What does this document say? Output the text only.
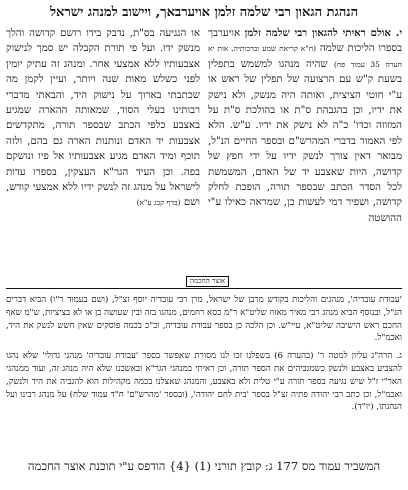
הנהגת הגאון רבי שלמה זלמן אויערבאך, ויישוב למנהג ישראל

י. אולם ראיתי להגאון רבי שלמה זלמן אויערבך בספרו הליכות שלמה (ח"א קריאת שמע וברכותיה, אות יא הערה 35 עמוד פח) שהיה מנהגו למשמש בתפלין בשעת ק"ש עם הרצועה של תפלין של ראש או ע"י חוטי הציצית, ואותה היה מנשק, ולא נישק את ידיו, וכן בהגבהת ס"ת או בהולכת ס"ת על המזוזה וכדו' כ"ה לא נישק את ידיו. ע"ש. הלא לפי האמור בדברי המהרש"ם ובספר החיים הנ"ל, מבואר דאין צורך לנשק ידיו על ידי חפץ של קדושה, היות שאצבע יד של האדם, המשמשת לכל הסדר הכתב שבספר תורה, הופכת לחלק קדושה, ושפיר דמי לעשות כן, שמראה כאילו ע"י ההושטה

או הנגיעה בס"ת, נדבק בידו רושם קדושה והלך מנשק ידו. ועל פי תורת הקבלה יש סמך לנישוק אצבעותיו ללא אמצעי אחר. ומנהג זה עתיק יומין לפני כשלש מאות שנה ויותר, ועיין לקמן מה שכתבתי בארוך על נישוק היד, והבאתי מדברי רבותינו בעלי הסוד, שמאותה ההארה שמגיע באצבע כלפי הכתב שבספר תורה, מתקדשים אצבעות יד האדם ונותנות הארה גם בהם, ולזה תוכף ומיד האדם מגיע אצבעותיו אל פיו ונושקם בפה. וכן העיד הגר"א העצקין, בספרו עדות לישראל על מנהג זה לנשק ידיו ללא אמצעי קודש, ושם (בדף קכג ע"א)

אוצר החכמה

'עבודת עובדיה', מנהגים והליכות בקודש מרבן של ישראל, מרן רבי עובדיה יוסף זצ"ל, (ושם בעמוד ר"ו) הביא דברים הנ"ל, ובנוסף הביא מנהג רבי מאיר מאזוז שליט"א ר"מ כסא רחמים, מנהגו בזה ובין שעושה כן או לא בציציות, ש"מ שאף החכם ראש הישיבה שליט"א, עיי"ש. וכן הלכה כן בספר עבודת עובדיה, וכ"כ בכמה פוסקים שאין חשש לנשק את היד, ואכמ"ל.

ג. הרה"ג עליון למטה ר' (בהערה 6) בשפלנו זכו לנו מסורת שאפשר בספר 'עבודת עובדיה' מנהגי גדולי' שלא נהגו להצביע באצבע ולנשק כשמגביהים את הספר תורה, וכן ראיתי במנהגי הגר"א ובאשכנז שלא היה מנהג זה, ועוד ממנהגי האר"י ז"ל שיש נגיעה בספר תורה ע"י טלית ולא באצבע, והמנהג שאצלנו בכמה מקהילות הוא להגביה את היד ולנשק, ואכמ"ל, וכן כתב רבי יהודה פתיה זצ"ל בספר 'בית לחם יהודה', (ובספר 'מהרש"ם' ח"ד עמוד שלח) על מנהג רבינו ועל הנהגתו, (יו"ד).

המשביר עמוד מס 177 ג: קובץ תורני (1) {4} הודפס ע"י תוכנת אוצר החכמה
